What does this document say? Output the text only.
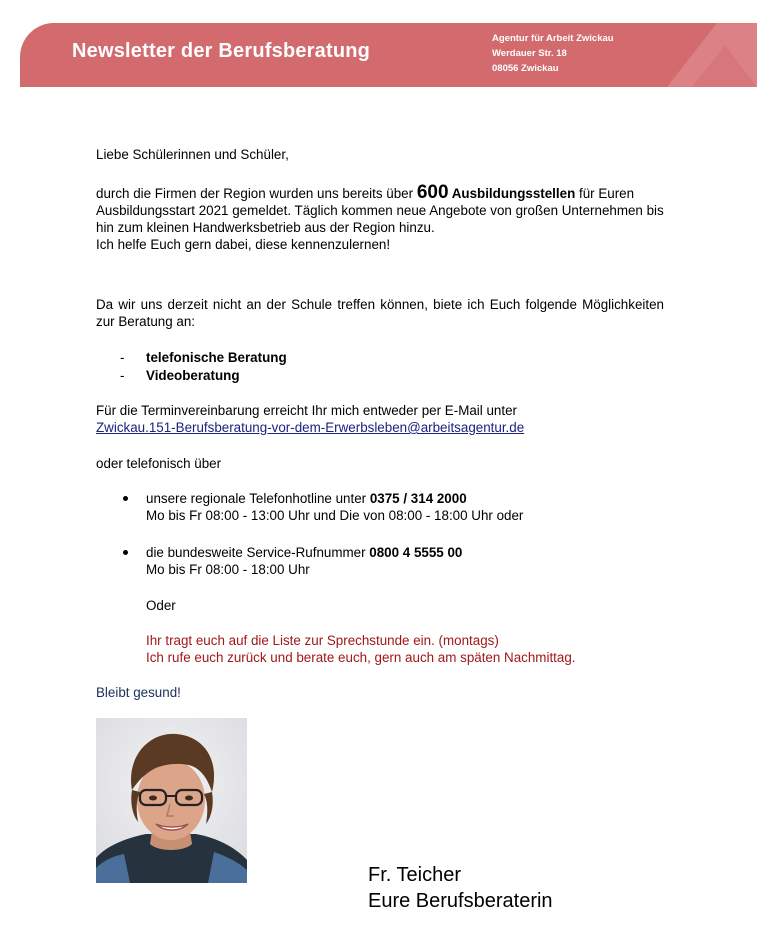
Newsletter der Berufsberatung
Agentur für Arbeit Zwickau
Werdauer Str. 18
08056 Zwickau

Liebe Schülerinnen und Schüler,

durch die Firmen der Region wurden uns bereits über 600 Ausbildungsstellen für Euren Ausbildungsstart 2021 gemeldet. Täglich kommen neue Angebote von großen Unternehmen bis hin zum kleinen Handwerksbetrieb aus der Region hinzu.
Ich helfe Euch gern dabei, diese kennenzulernen!

Da wir uns derzeit nicht an der Schule treffen können, biete ich Euch folgende Möglichkeiten zur Beratung an:

- telefonische Beratung
- Videoberatung

Für die Terminvereinbarung erreicht Ihr mich entweder per E-Mail unter
Zwickau.151-Berufsberatung-vor-dem-Erwerbsleben@arbeitsagentur.de

oder telefonisch über

unsere regionale Telefonhotline unter 0375 / 314 2000
Mo bis Fr 08:00 - 13:00 Uhr und Die von 08:00 - 18:00 Uhr oder
die bundesweite Service-Rufnummer 0800 4 5555 00
Mo bis Fr 08:00 - 18:00 Uhr

Oder

Ihr tragt euch auf die Liste zur Sprechstunde ein. (montags)
Ich rufe euch zurück und berate euch, gern auch am späten Nachmittag.

Bleibt gesund!

Fr. Teicher
Eure Berufsberaterin
